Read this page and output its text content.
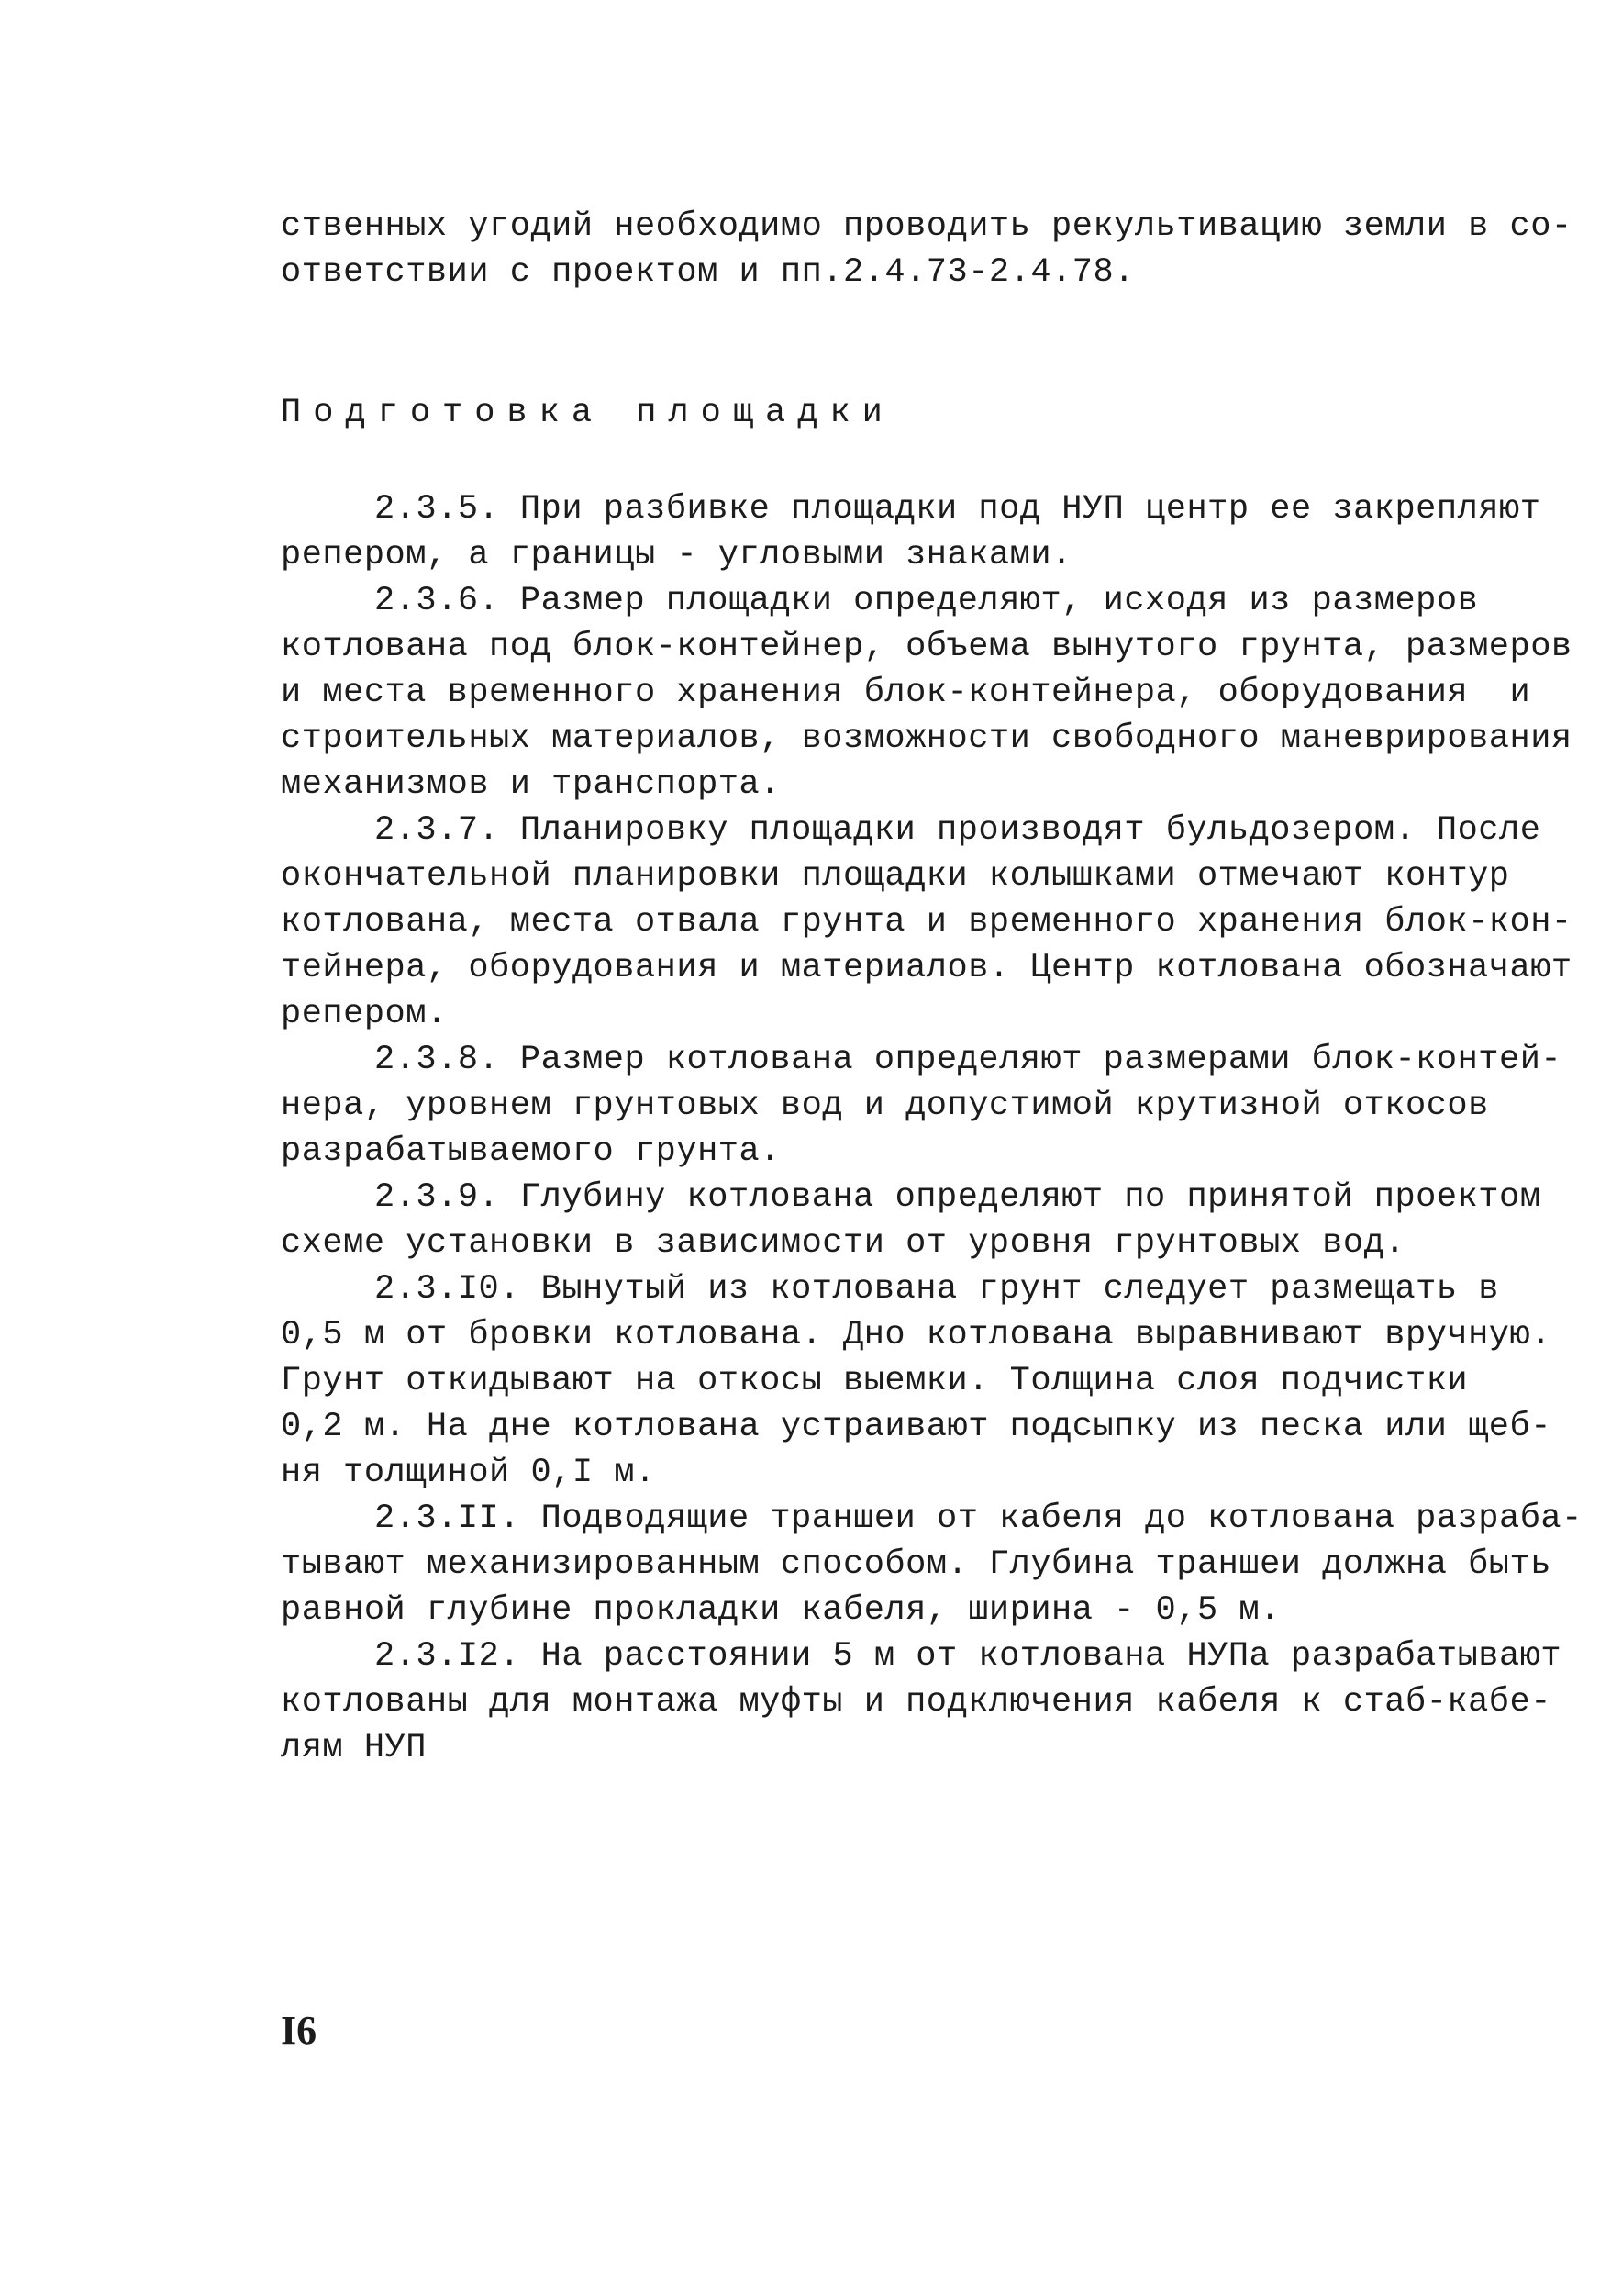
ственных угодий необходимо проводить рекультивацию земли в со-
ответствии с проектом и пп.2.4.73-2.4.78.
Подготовка площадки
2.3.5. При разбивке площадки под НУП центр ее закрепляют
репером, а границы - угловыми знаками.
2.3.6. Размер площадки определяют, исходя из размеров
котлована под блок-контейнер, объема вынутого грунта, размеров
и места временного хранения блок-контейнера, оборудования  и
строительных материалов, возможности свободного маневрирования
механизмов и транспорта.
2.3.7. Планировку площадки производят бульдозером. После
окончательной планировки площадки колышками отмечают контур
котлована, места отвала грунта и временного хранения блок-кон-
тейнера, оборудования и материалов. Центр котлована обозначают
репером.
2.3.8. Размер котлована определяют размерами блок-контей-
нера, уровнем грунтовых вод и допустимой крутизной откосов
разрабатываемого грунта.
2.3.9. Глубину котлована определяют по принятой проектом
схеме установки в зависимости от уровня грунтовых вод.
2.3.I0. Вынутый из котлована грунт следует размещать в
0,5 м от бровки котлована. Дно котлована выравнивают вручную.
Грунт откидывают на откосы выемки. Толщина слоя подчистки
0,2 м. На дне котлована устраивают подсыпку из песка или щеб-
ня толщиной 0,I м.
2.3.II. Подводящие траншеи от кабеля до котлована разраба-
тывают механизированным способом. Глубина траншеи должна быть
равной глубине прокладки кабеля, ширина - 0,5 м.
2.3.I2. На расстоянии 5 м от котлована НУПа разрабатывают
котлованы для монтажа муфты и подключения кабеля к стаб-кабе-
лям НУП
I6
